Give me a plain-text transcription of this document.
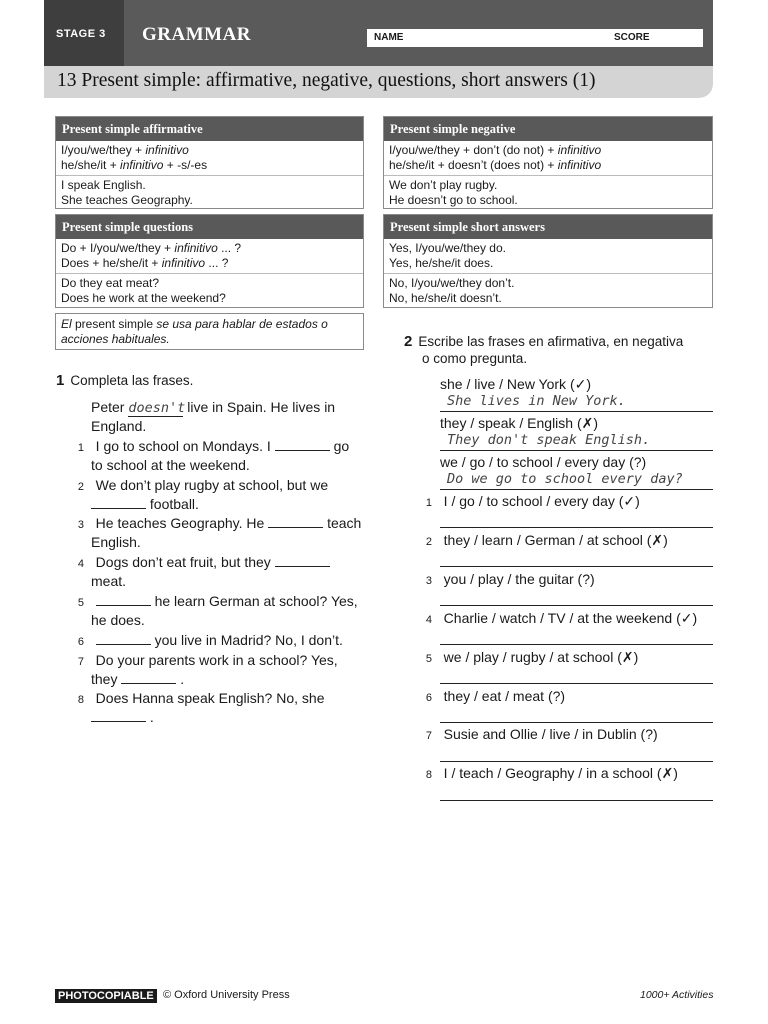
STAGE 3 GRAMMAR	NAME	SCORE
13 Present simple: affirmative, negative, questions, short answers (1)
Present simple affirmative
I/you/we/they + infinitivo
he/she/it + infinitivo + -s/-es
I speak English.
She teaches Geography.
Present simple negative
I/you/we/they + don’t (do not) + infinitivo
he/she/it + doesn’t (does not) + infinitivo
We don’t play rugby.
He doesn’t go to school.
Present simple questions
Do + I/you/we/they + infinitivo ... ?
Does + he/she/it + infinitivo ... ?
Do they eat meat?
Does he work at the weekend?
Present simple short answers
Yes, I/you/we/they do.
Yes, he/she/it does.
No, I/you/we/they don’t.
No, he/she/it doesn’t.
El present simple se usa para hablar de estados o
acciones habituales.
1 Completa las frases.
Peter doesn't live in Spain. He lives in
England.
1 I go to school on Mondays. I	go
to school at the weekend.
2 We don’t play rugby at school, but we
football.
3 He teaches Geography. He	teach
English.
4 Dogs don’t eat fruit, but they
meat.
5	he learn German at school? Yes,
he does.
6	you live in Madrid? No, I don’t.
7 Do your parents work in a school? Yes,
they	.
8 Does Hanna speak English? No, she
.
2 Escribe las frases en afirmativa, en negativa
o como pregunta.
she / live / New York (✓)
She lives in New York.
they / speak / English (✗)
They don't speak English.
we / go / to school / every day (?)
Do we go to school every day?
1 I / go / to school / every day (✓)
2 they / learn / German / at school (✗)
3 you / play / the guitar (?)
4 Charlie / watch / TV / at the weekend (✓)
5 we / play / rugby / at school (✗)
6 they / eat / meat (?)
7 Susie and Ollie / live / in Dublin (?)
8 I / teach / Geography / in a school (✗)
PHOTOCOPIABLE © Oxford University Press	1000+ Activities
